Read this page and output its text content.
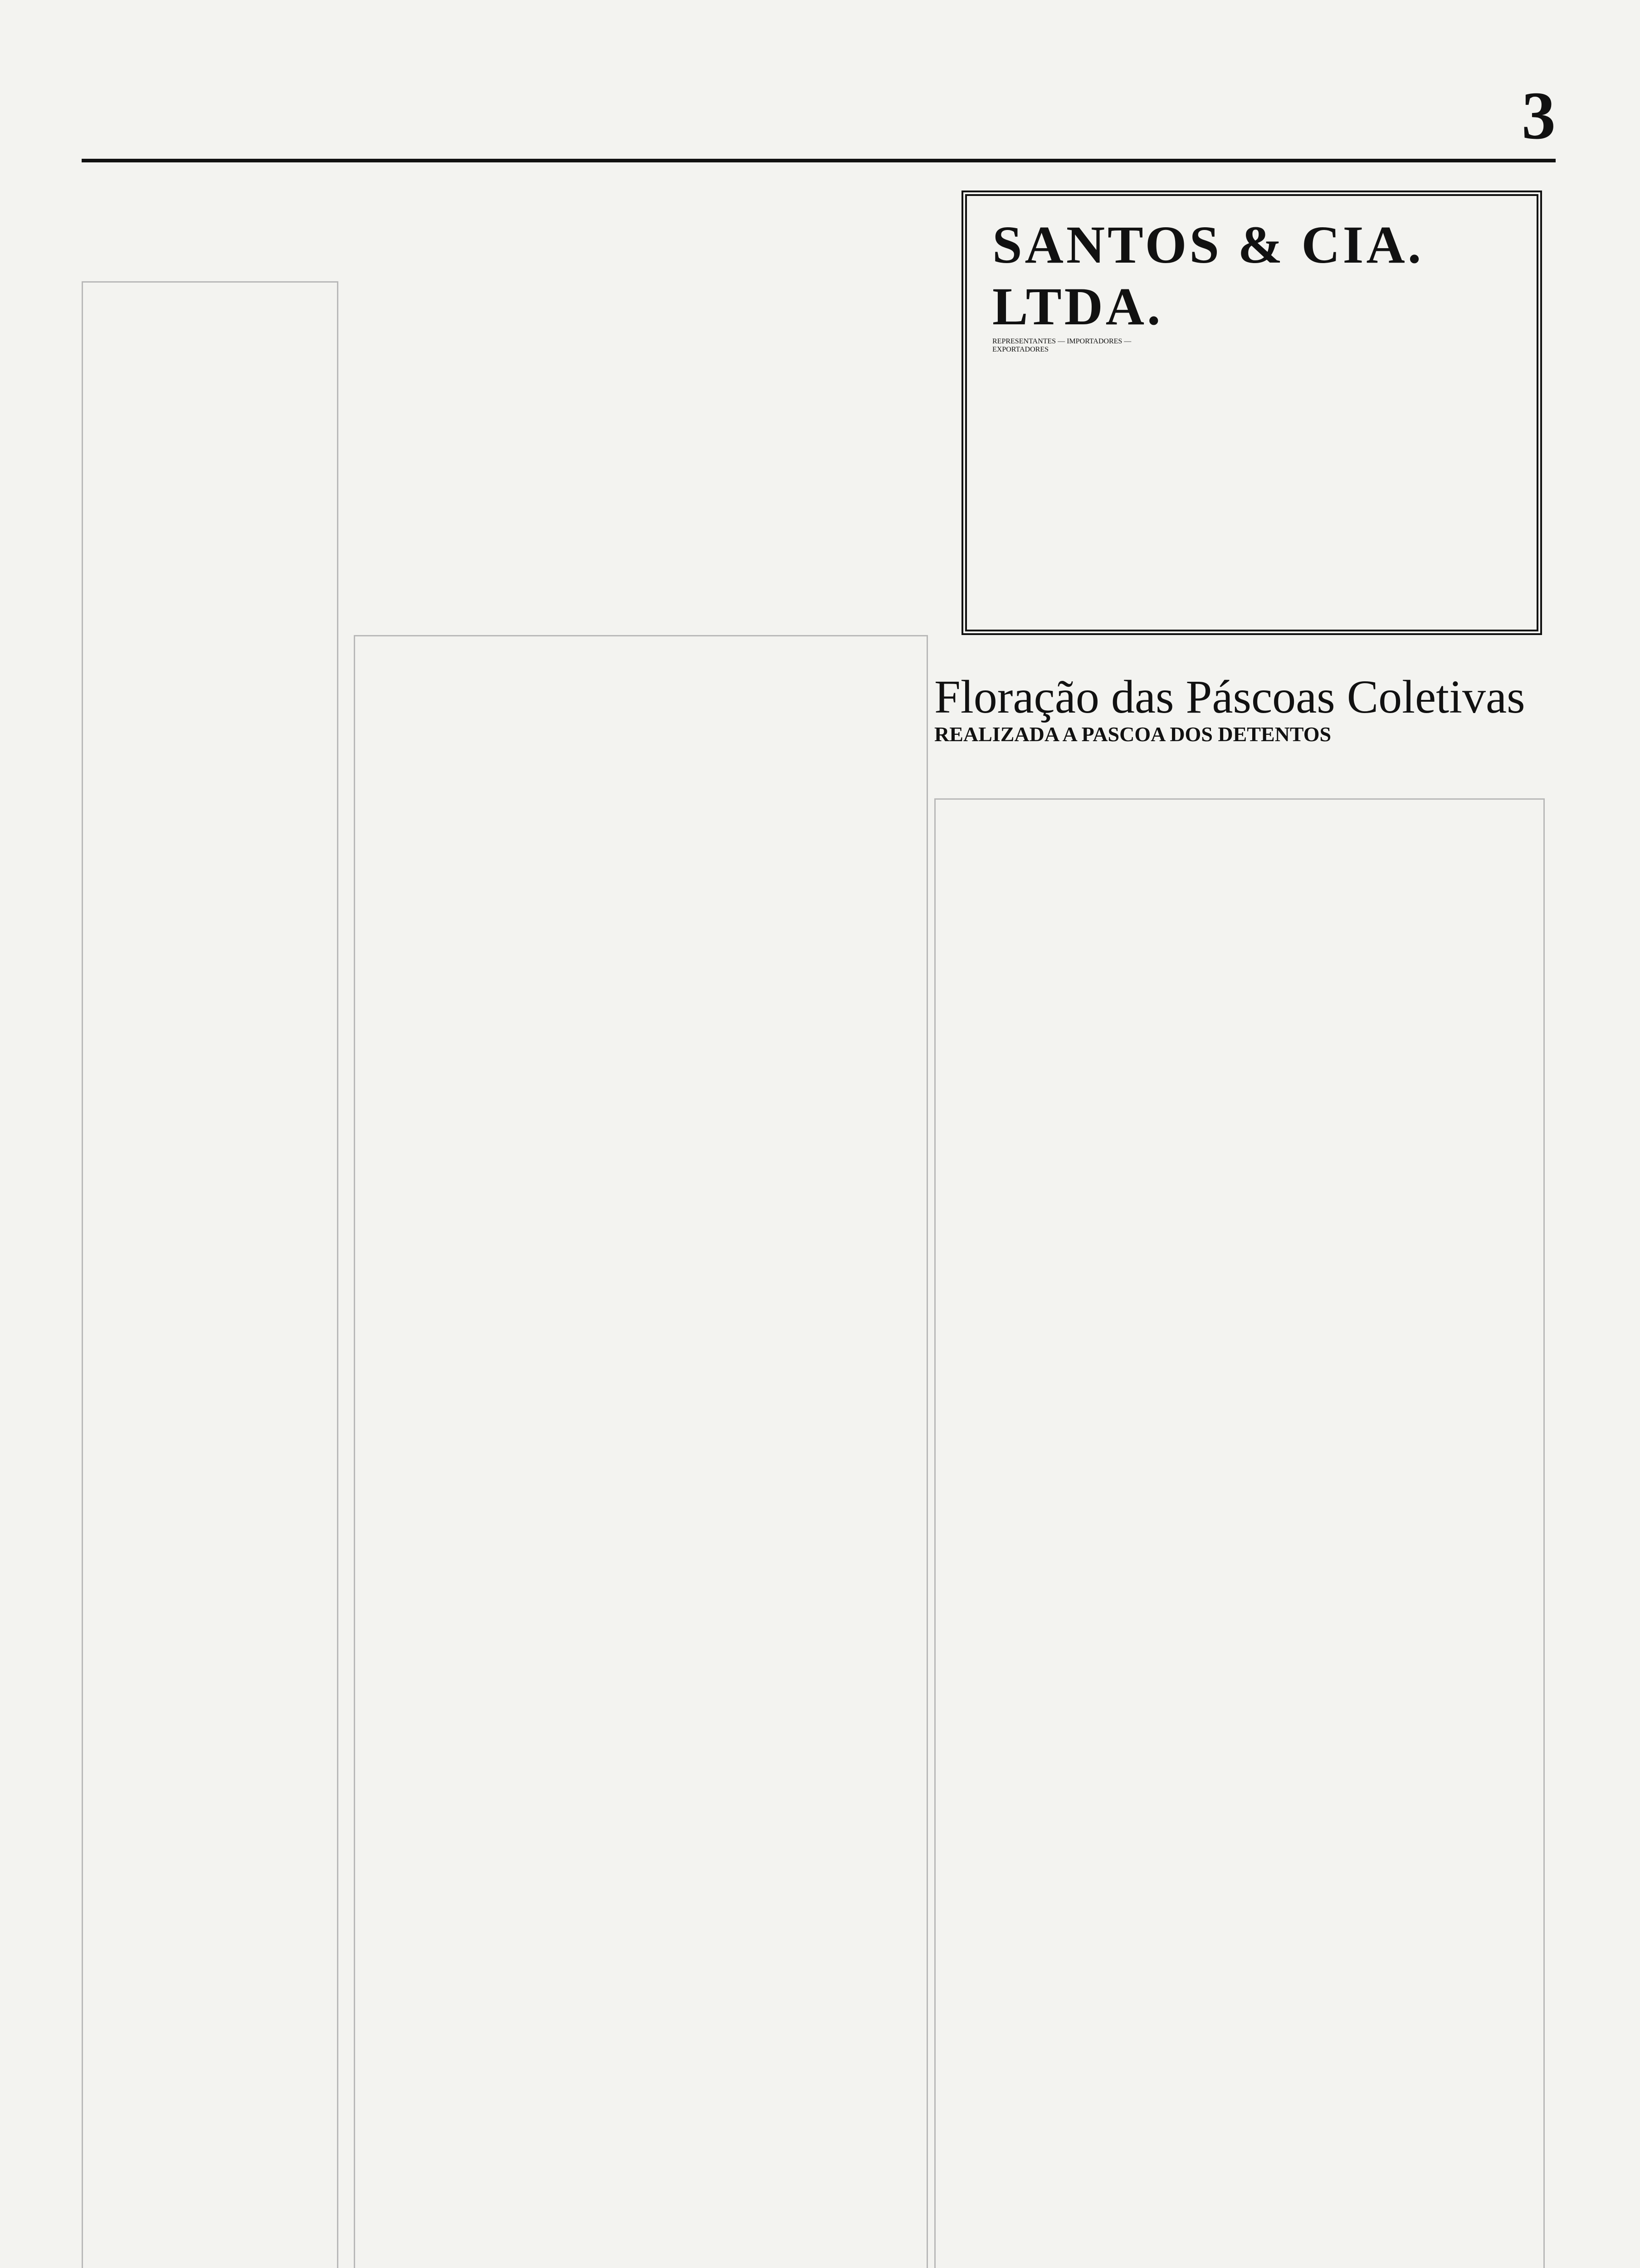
3
SANTOS & CIA. LTDA.
REPRESENTANTES — IMPORTADORES —
EXPORTADORES
Floração das Páscoas Coletivas
REALIZADA A PASCOA DOS DETENTOS
